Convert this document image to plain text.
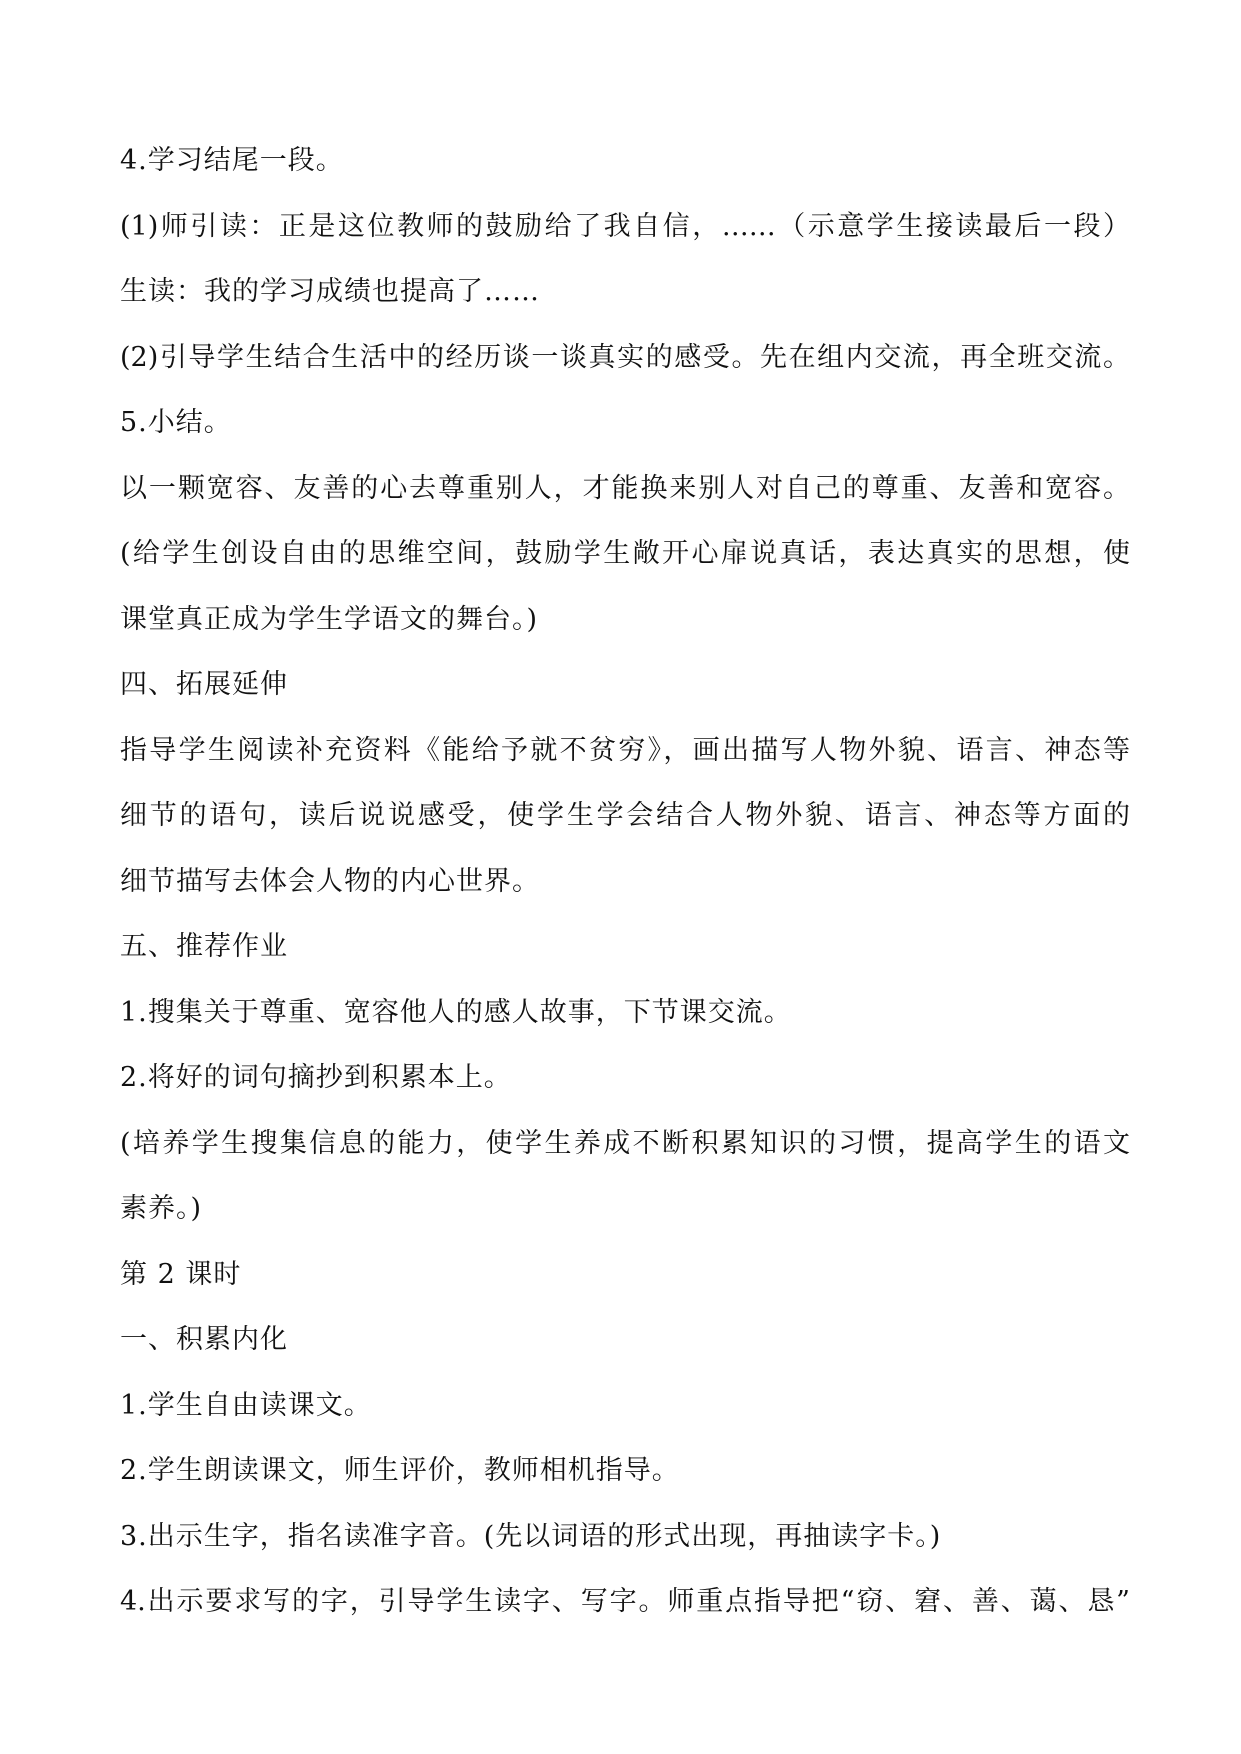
4.学习结尾一段。
(1)师引读：正是这位教师的鼓励给了我自信，……（示意学生接读最后一段）
生读：我的学习成绩也提高了……
(2)引导学生结合生活中的经历谈一谈真实的感受。先在组内交流，再全班交流。
5.小结。
以一颗宽容、友善的心去尊重别人，才能换来别人对自己的尊重、友善和宽容。
(给学生创设自由的思维空间，鼓励学生敞开心扉说真话，表达真实的思想，使
课堂真正成为学生学语文的舞台。)
四、拓展延伸
指导学生阅读补充资料《能给予就不贫穷》，画出描写人物外貌、语言、神态等
细节的语句，读后说说感受，使学生学会结合人物外貌、语言、神态等方面的
细节描写去体会人物的内心世界。
五、推荐作业
1.搜集关于尊重、宽容他人的感人故事，下节课交流。
2.将好的词句摘抄到积累本上。
(培养学生搜集信息的能力，使学生养成不断积累知识的习惯，提高学生的语文
素养。)
第 2 课时
一、积累内化
1.学生自由读课文。
2.学生朗读课文，师生评价，教师相机指导。
3.出示生字，指名读准字音。(先以词语的形式出现，再抽读字卡。)
4.出示要求写的字，引导学生读字、写字。师重点指导把“窃、窘、善、蔼、恳”
